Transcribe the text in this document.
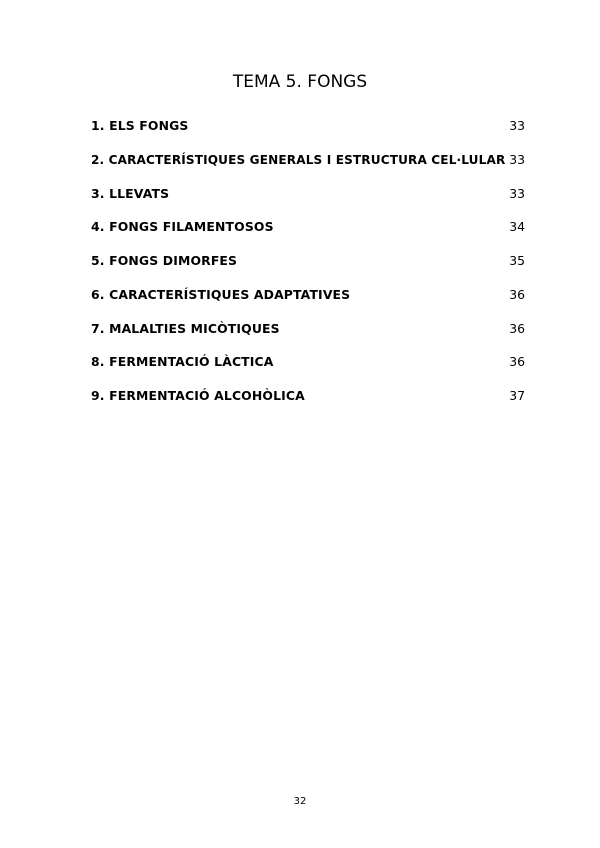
TEMA 5. FONGS
1. ELS FONGS	33
2. CARACTERÍSTIQUES GENERALS I ESTRUCTURA CEL·LULAR 33
3. LLEVATS	33
4. FONGS FILAMENTOSOS	34
5. FONGS DIMORFES	35
6. CARACTERÍSTIQUES ADAPTATIVES	36
7. MALALTIES MICÒTIQUES	36
8. FERMENTACIÓ LÀCTICA	36
9. FERMENTACIÓ ALCOHÒLICA	37
32
